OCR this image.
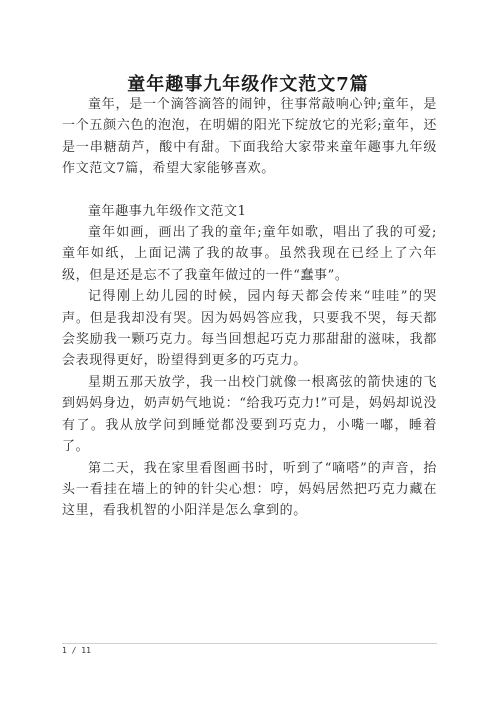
童年趣事九年级作文范文7篇

童年，是一个滴答滴答的闹钟，往事常敲响心钟;童年，是一个五颜六色的泡泡，在明媚的阳光下绽放它的光彩;童年，还是一串糖葫芦，酸中有甜。下面我给大家带来童年趣事九年级作文范文7篇，希望大家能够喜欢。

童年趣事九年级作文范文1

童年如画，画出了我的童年;童年如歌，唱出了我的可爱;童年如纸，上面记满了我的故事。虽然我现在已经上了六年级，但是还是忘不了我童年做过的一件“蠢事”。

记得刚上幼儿园的时候，园内每天都会传来“哇哇”的哭声。但是我却没有哭。因为妈妈答应我，只要我不哭，每天都会奖励我一颗巧克力。每当回想起巧克力那甜甜的滋味，我都会表现得更好，盼望得到更多的巧克力。

星期五那天放学，我一出校门就像一根离弦的箭快速的飞到妈妈身边，奶声奶气地说：“给我巧克力!”可是，妈妈却说没有了。我从放学问到睡觉都没要到巧克力，小嘴一嘟，睡着了。

第二天，我在家里看图画书时，听到了“嘀嗒”的声音，抬头一看挂在墙上的钟的针尖心想：哼，妈妈居然把巧克力藏在这里，看我机智的小阳洋是怎么拿到的。

1 / 11
